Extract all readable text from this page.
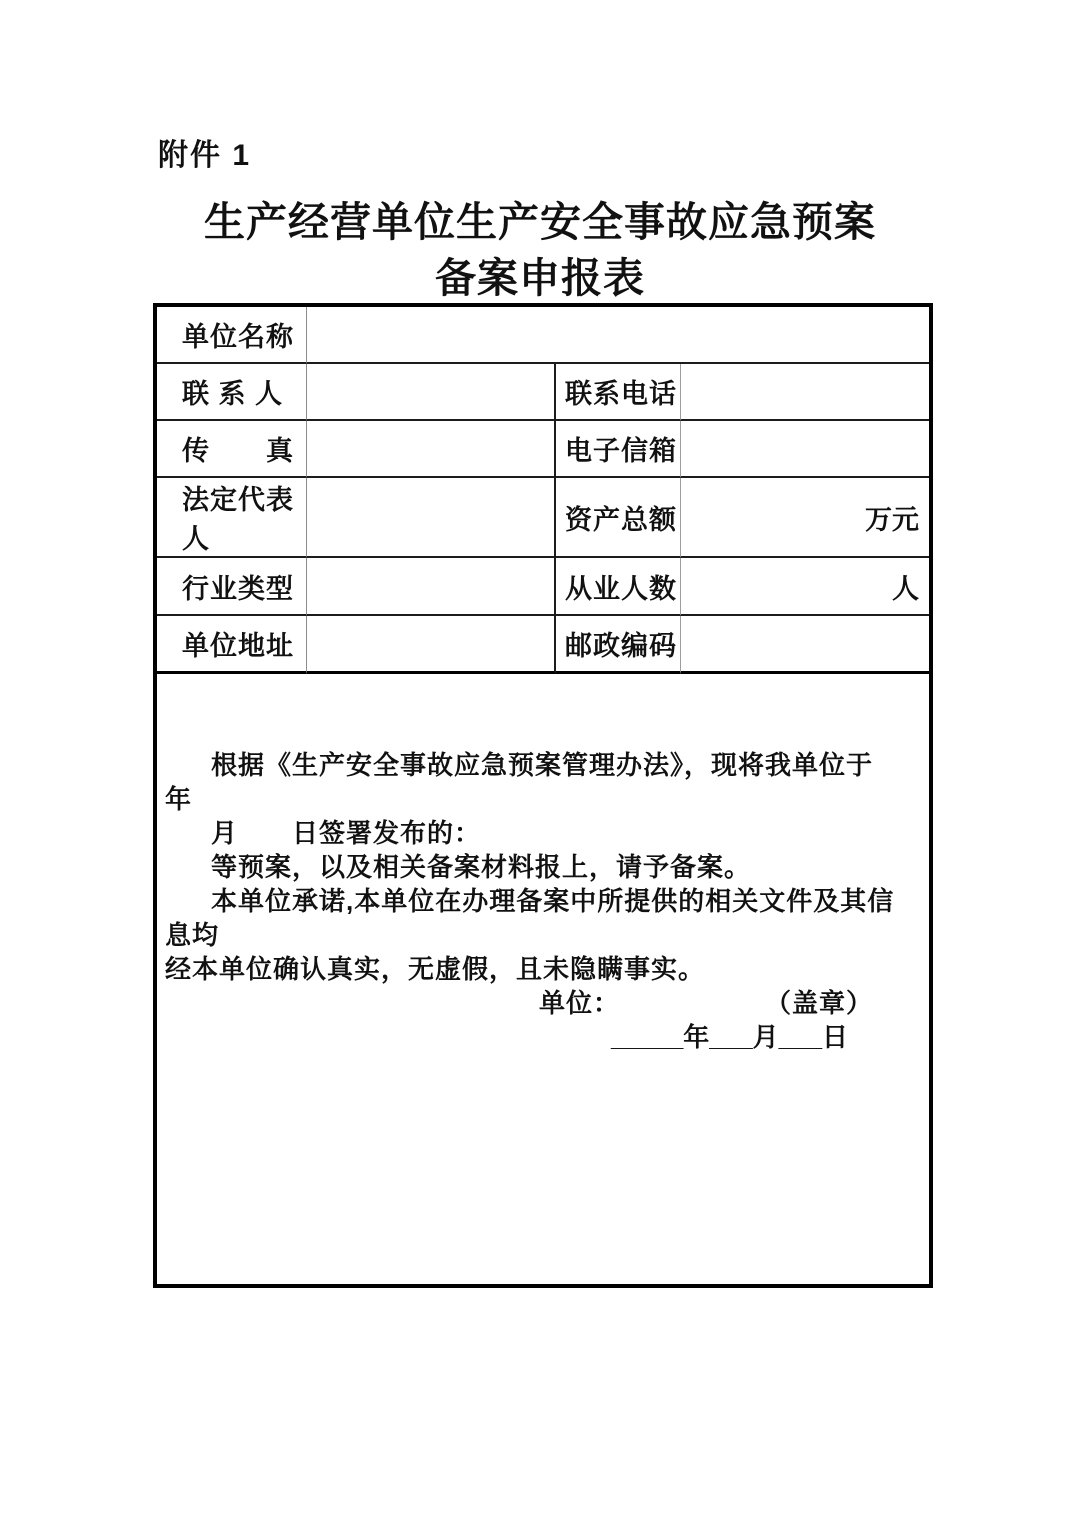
附件 1
生产经营单位生产安全事故应急预案
备案申报表
单位名称			
联 系 人		联系电话	
传　　真		电子信箱	
法定代表人		资产总额	万元
行业类型		从业人数	人
单位地址		邮政编码	

根据《生产安全事故应急预案管理办法》，现将我单位于　　年

月　　日签署发布的：

等预案，以及相关备案材料报上，请予备案。

本单位承诺,本单位在办理备案中所提供的相关文件及其信息均

经本单位确认真实，无虚假，且未隐瞒事实。

单位：	（盖章）

_____年___月___日
